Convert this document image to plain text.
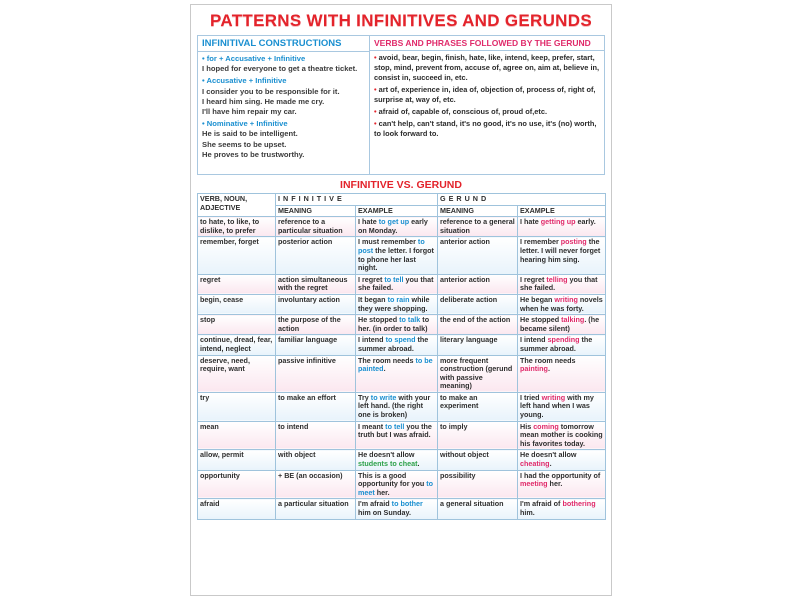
PATTERNS WITH INFINITIVES AND GERUNDS
INFINITIVAL CONSTRUCTIONS
• for + Accusative + Infinitive
I hoped for everyone to get a theatre ticket.
• Accusative + Infinitive
I consider you to be responsible for it.
I heard him sing. He made me cry.
I'll have him repair my car.
• Nominative + Infinitive
He is said to be intelligent.
She seems to be upset.
He proves to be trustworthy.
VERBS AND PHRASES FOLLOWED BY THE GERUND
• avoid, bear, begin, finish, hate, like, intend, keep, prefer, start, stop, mind, prevent from, accuse of, agree on, aim at, believe in, consist in, succeed in, etc.
• art of, experience in, idea of, objection of, process of, right of, surprise at, way of, etc.
• afraid of, capable of, conscious of, proud of,etc.
• can't help, can't stand, it's no good, it's no use, it's (no) worth, to look forward to.
INFINITIVE VS. GERUND
VERB, NOUN, ADJECTIVE	INFINITIVE		GERUND	
	MEANING	EXAMPLE	MEANING	EXAMPLE
to hate, to like, to dislike, to prefer	reference to a particular situation	I hate to get up early on Monday.	reference to a general situation	I hate getting up early.
remember, forget	posterior action	I must remember to post the letter. I forgot to phone her last night.	anterior action	I remember posting the letter. I will never forget hearing him sing.
regret	action simultaneous with the regret	I regret to tell you that she failed.	anterior action	I regret telling you that she failed.
begin, cease	involuntary action	It began to rain while they were shopping.	deliberate action	He began writing novels when he was forty.
stop	the purpose of the action	He stopped to talk to her. (in order to talk)	the end of the action	He stopped talking. (he became silent)
continue, dread, fear, intend, neglect	familiar language	I intend to spend the summer abroad.	literary language	I intend spending the summer abroad.
deserve, need, require, want	passive infinitive	The room needs to be painted.	more frequent construction (gerund with passive meaning)	The room needs painting.
try	to make an effort	Try to write with your left hand. (the right one is broken)	to make an experiment	I tried writing with my left hand when I was young.
mean	to intend	I meant to tell you the truth but I was afraid.	to imply	His coming tomorrow mean mother is cooking his favorites today.
allow, permit	with object	He doesn't allow students to cheat.	without object	He doesn't allow cheating.
opportunity	+ BE (an occasion)	This is a good opportunity for you to meet her.	possibility	I had the opportunity of meeting her.
afraid	a particular situation	I'm afraid to bother him on Sunday.	a general situation	I'm afraid of bothering him.
